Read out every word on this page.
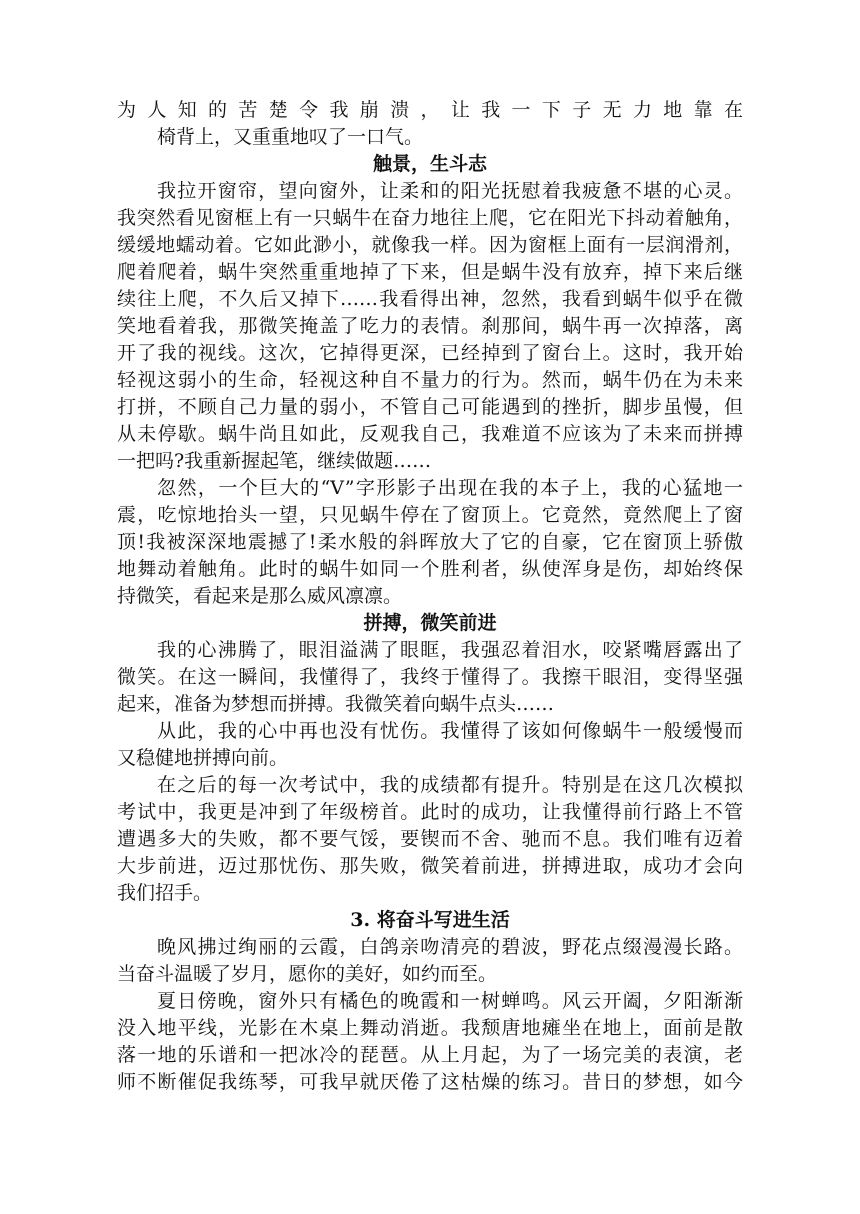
为人知的苦楚令我崩溃，让我一下子无力地靠在
椅背上，又重重地叹了一口气。
触景，生斗志
我拉开窗帘，望向窗外，让柔和的阳光抚慰着我疲惫不堪的心灵。
我突然看见窗框上有一只蜗牛在奋力地往上爬，它在阳光下抖动着触角，
缓缓地蠕动着。它如此渺小，就像我一样。因为窗框上面有一层润滑剂，
爬着爬着，蜗牛突然重重地掉了下来，但是蜗牛没有放弃，掉下来后继
续往上爬，不久后又掉下……我看得出神，忽然，我看到蜗牛似乎在微
笑地看着我，那微笑掩盖了吃力的表情。刹那间，蜗牛再一次掉落，离
开了我的视线。这次，它掉得更深，已经掉到了窗台上。这时，我开始
轻视这弱小的生命，轻视这种自不量力的行为。然而，蜗牛仍在为未来
打拼，不顾自己力量的弱小，不管自己可能遇到的挫折，脚步虽慢，但
从未停歇。蜗牛尚且如此，反观我自己，我难道不应该为了未来而拼搏
一把吗?我重新握起笔，继续做题……
忽然，一个巨大的“V”字形影子出现在我的本子上，我的心猛地一
震，吃惊地抬头一望，只见蜗牛停在了窗顶上。它竟然，竟然爬上了窗
顶!我被深深地震撼了!柔水般的斜晖放大了它的自豪，它在窗顶上骄傲
地舞动着触角。此时的蜗牛如同一个胜利者，纵使浑身是伤，却始终保
持微笑，看起来是那么威风凛凛。
拼搏，微笑前进
我的心沸腾了，眼泪溢满了眼眶，我强忍着泪水，咬紧嘴唇露出了
微笑。在这一瞬间，我懂得了，我终于懂得了。我擦干眼泪，变得坚强
起来，准备为梦想而拼搏。我微笑着向蜗牛点头……
从此，我的心中再也没有忧伤。我懂得了该如何像蜗牛一般缓慢而
又稳健地拼搏向前。
在之后的每一次考试中，我的成绩都有提升。特别是在这几次模拟
考试中，我更是冲到了年级榜首。此时的成功，让我懂得前行路上不管
遭遇多大的失败，都不要气馁，要锲而不舍、驰而不息。我们唯有迈着
大步前进，迈过那忧伤、那失败，微笑着前进，拼搏进取，成功才会向
我们招手。
3. 将奋斗写进生活
晚风拂过绚丽的云霞，白鸽亲吻清亮的碧波，野花点缀漫漫长路。
当奋斗温暖了岁月，愿你的美好，如约而至。
夏日傍晚，窗外只有橘色的晚霞和一树蝉鸣。风云开阖，夕阳渐渐
没入地平线，光影在木桌上舞动消逝。我颓唐地瘫坐在地上，面前是散
落一地的乐谱和一把冰冷的琵琶。从上月起，为了一场完美的表演，老
师不断催促我练琴，可我早就厌倦了这枯燥的练习。昔日的梦想，如今
